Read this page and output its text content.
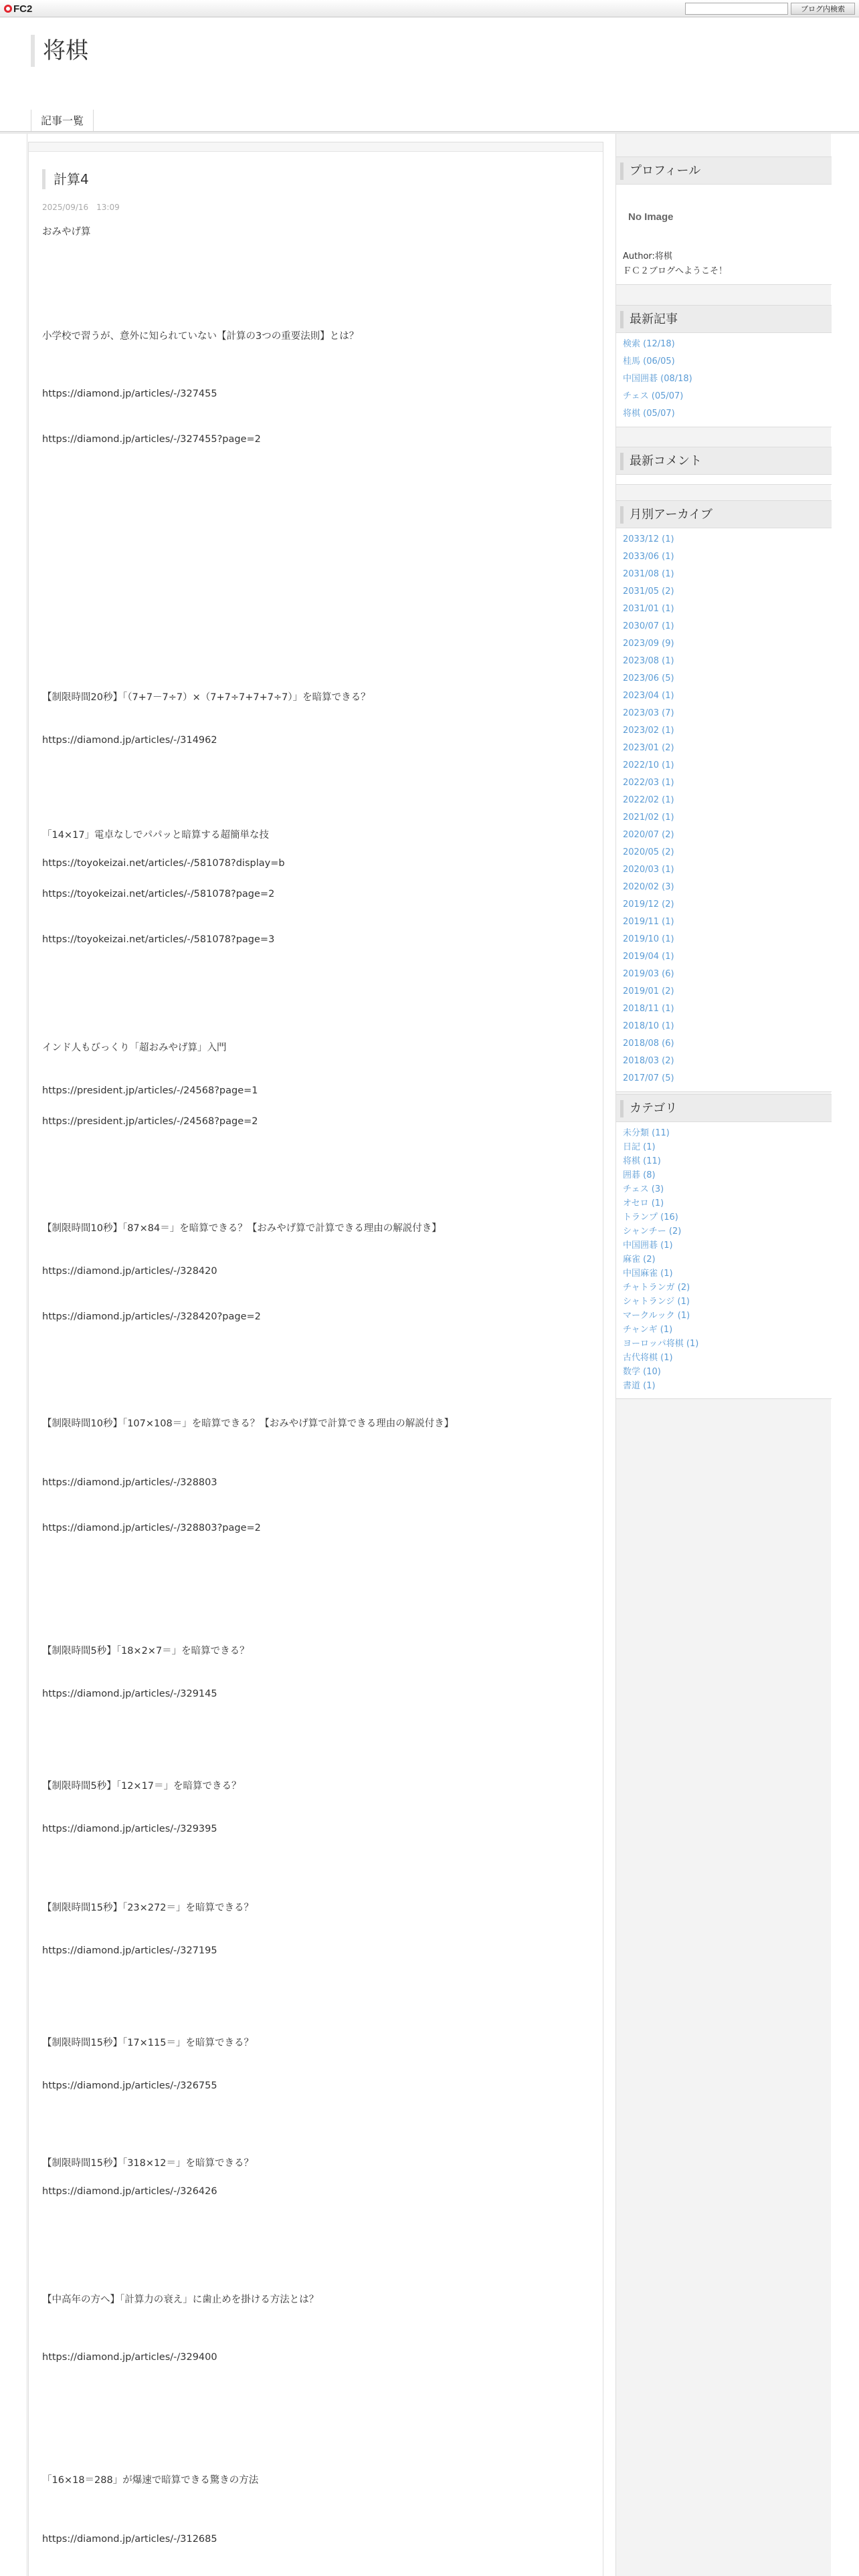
FC2	ブログ内検索
将棋
記事一覧
計算4
2025/09/16　13:09
おみやげ算
小学校で習うが、意外に知られていない【計算の3つの重要法則】とは？
https://diamond.jp/articles/-/327455
https://diamond.jp/articles/-/327455?page=2
【制限時間20秒】「（7+7－7÷7）×（7+7÷7+7+7÷7）」を暗算できる？
https://diamond.jp/articles/-/314962
「14×17」電卓なしでパパッと暗算する超簡単な技
https://toyokeizai.net/articles/-/581078?display=b
https://toyokeizai.net/articles/-/581078?page=2
https://toyokeizai.net/articles/-/581078?page=3
インド人もびっくり「超おみやげ算」入門
https://president.jp/articles/-/24568?page=1
https://president.jp/articles/-/24568?page=2
【制限時間10秒】「87×84＝」を暗算できる？【おみやげ算で計算できる理由の解説付き】
https://diamond.jp/articles/-/328420
https://diamond.jp/articles/-/328420?page=2
【制限時間10秒】「107×108＝」を暗算できる？【おみやげ算で計算できる理由の解説付き】
https://diamond.jp/articles/-/328803
https://diamond.jp/articles/-/328803?page=2
【制限時間5秒】「18×2×7＝」を暗算できる？
https://diamond.jp/articles/-/329145
【制限時間5秒】「12×17＝」を暗算できる？
https://diamond.jp/articles/-/329395
【制限時間15秒】「23×272＝」を暗算できる？
https://diamond.jp/articles/-/327195
【制限時間15秒】「17×115＝」を暗算できる？
https://diamond.jp/articles/-/326755
【制限時間15秒】「318×12＝」を暗算できる？
https://diamond.jp/articles/-/326426
【中高年の方へ】「計算力の衰え」に歯止めを掛ける方法とは？
https://diamond.jp/articles/-/329400
「16×18＝288」が爆速で暗算できる驚きの方法
https://diamond.jp/articles/-/312685
プロフィール
No Image
Author:将棋
ＦＣ２ブログへようこそ！
最新記事
検索 (12/18)
桂馬 (06/05)
中国囲碁 (08/18)
チェス (05/07)
将棋 (05/07)
最新コメント
月別アーカイブ
2033/12 (1)
2033/06 (1)
2031/08 (1)
2031/05 (2)
2031/01 (1)
2030/07 (1)
2023/09 (9)
2023/08 (1)
2023/06 (5)
2023/04 (1)
2023/03 (7)
2023/02 (1)
2023/01 (2)
2022/10 (1)
2022/03 (1)
2022/02 (1)
2021/02 (1)
2020/07 (2)
2020/05 (2)
2020/03 (1)
2020/02 (3)
2019/12 (2)
2019/11 (1)
2019/10 (1)
2019/04 (1)
2019/03 (6)
2019/01 (2)
2018/11 (1)
2018/10 (1)
2018/08 (6)
2018/03 (2)
2017/07 (5)
カテゴリ
未分類 (11)
日記 (1)
将棋 (11)
囲碁 (8)
チェス (3)
オセロ (1)
トランプ (16)
シャンチー (2)
中国囲碁 (1)
麻雀 (2)
中国麻雀 (1)
チャトランガ (2)
シャトランジ (1)
マークルック (1)
チャンギ (1)
ヨーロッパ将棋 (1)
古代将棋 (1)
数学 (10)
書道 (1)
